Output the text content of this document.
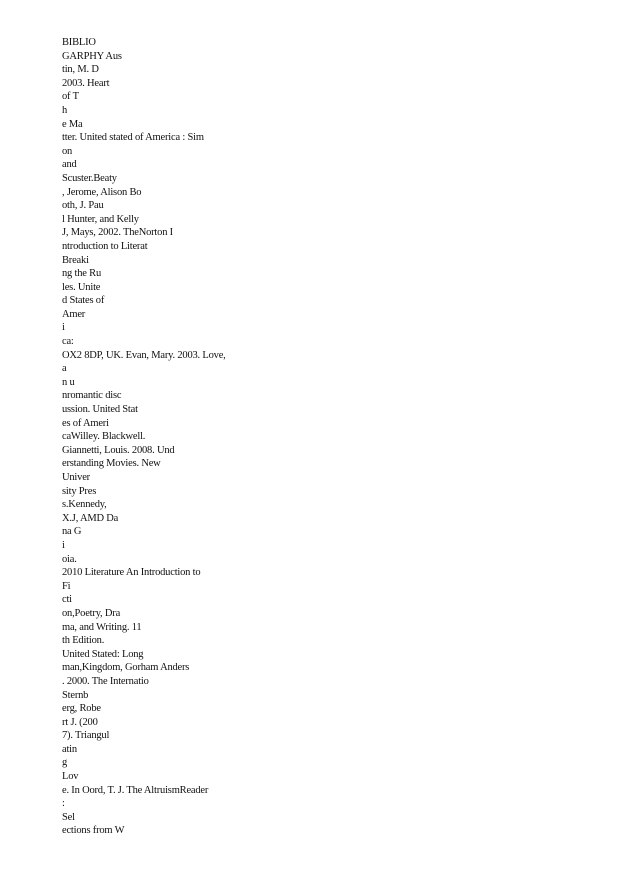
BIBLIO
GARPHY Aus
tin, M. D
2003. Heart
of T
h
e Ma
tter. United stated of America : Sim
on
and
Scuster.Beaty
, Jerome, Alison Bo
oth, J. Pau
l Hunter, and Kelly
J, Mays, 2002. TheNorton I
ntroduction to Literat
Breaki
ng the Ru
les. Unite
d States of
Amer
i
ca:
OX2 8DP, UK. Evan, Mary. 2003. Love,
a
n u
nromantic disc
ussion. United Stat
es of Ameri
caWilley. Blackwell.
Giannetti, Louis. 2008. Und
erstanding Movies. New
Univer
sity Pres
s.Kennedy,
X.J, AMD Da
na G
i
oia.
2010 Literature An Introduction to
Fi
cti
on,Poetry, Dra
ma, and Writing. 11
th Edition.
United Stated: Long
man,Kingdom, Gorham Anders
. 2000. The Internatio
Sternb
erg, Robe
rt J. (200
7). Triangul
atin
g
Lov
e. In Oord, T. J. The AltruismReader
:
Sel
ections from W
